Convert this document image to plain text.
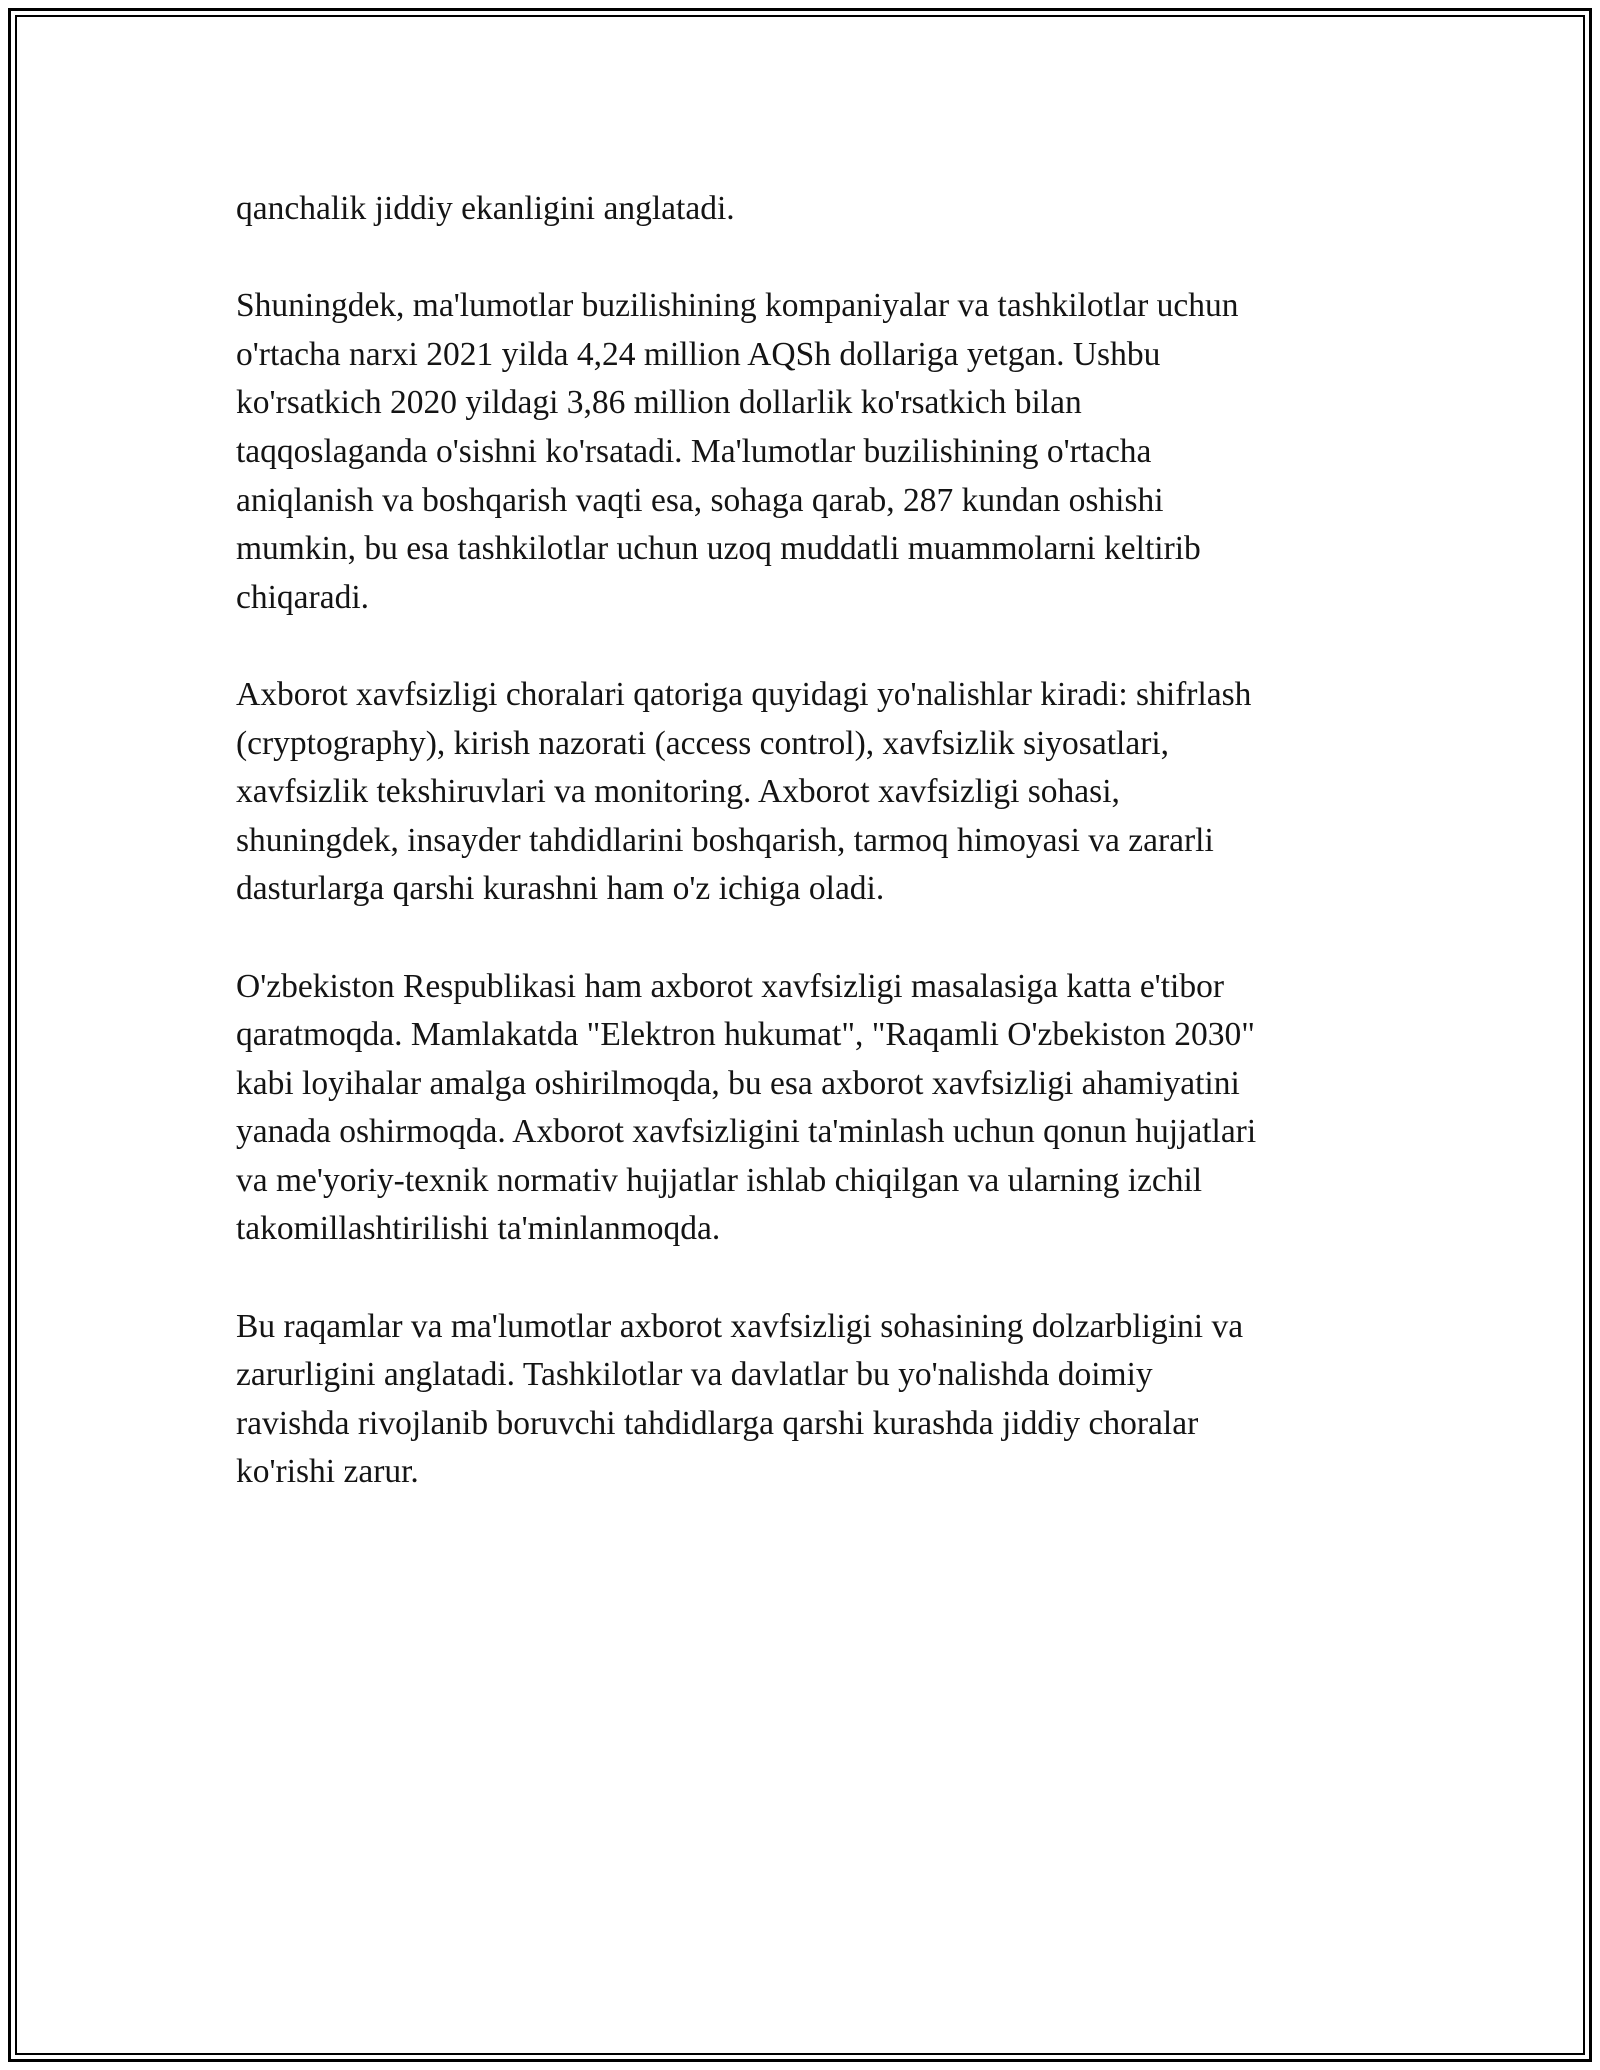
qanchalik jiddiy ekanligini anglatadi.

Shuningdek, ma'lumotlar buzilishining kompaniyalar va tashkilotlar uchun
o'rtacha narxi 2021 yilda 4,24 million AQSh dollariga yetgan. Ushbu
ko'rsatkich 2020 yildagi 3,86 million dollarlik ko'rsatkich bilan
taqqoslaganda o'sishni ko'rsatadi. Ma'lumotlar buzilishining o'rtacha
aniqlanish va boshqarish vaqti esa, sohaga qarab, 287 kundan oshishi
mumkin, bu esa tashkilotlar uchun uzoq muddatli muammolarni keltirib
chiqaradi.

Axborot xavfsizligi choralari qatoriga quyidagi yo'nalishlar kiradi: shifrlash
(cryptography), kirish nazorati (access control), xavfsizlik siyosatlari,
xavfsizlik tekshiruvlari va monitoring. Axborot xavfsizligi sohasi,
shuningdek, insayder tahdidlarini boshqarish, tarmoq himoyasi va zararli
dasturlarga qarshi kurashni ham o'z ichiga oladi.

O'zbekiston Respublikasi ham axborot xavfsizligi masalasiga katta e'tibor
qaratmoqda. Mamlakatda "Elektron hukumat", "Raqamli O'zbekiston 2030"
kabi loyihalar amalga oshirilmoqda, bu esa axborot xavfsizligi ahamiyatini
yanada oshirmoqda. Axborot xavfsizligini ta'minlash uchun qonun hujjatlari
va me'yoriy-texnik normativ hujjatlar ishlab chiqilgan va ularning izchil
takomillashtirilishi ta'minlanmoqda.

Bu raqamlar va ma'lumotlar axborot xavfsizligi sohasining dolzarbligini va
zarurligini anglatadi. Tashkilotlar va davlatlar bu yo'nalishda doimiy
ravishda rivojlanib boruvchi tahdidlarga qarshi kurashda jiddiy choralar
ko'rishi zarur.
